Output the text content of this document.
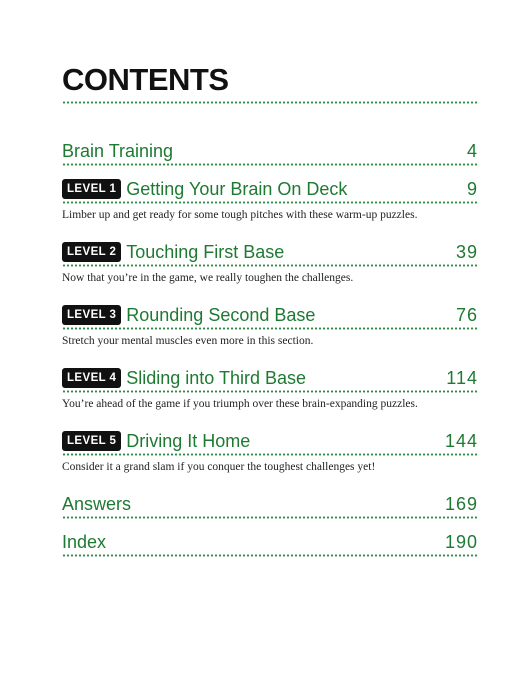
CONTENTS
Brain Training	4
LEVEL 1 Getting Your Brain On Deck	9
Limber up and get ready for some tough pitches with these warm-up puzzles.
LEVEL 2 Touching First Base	39
Now that you’re in the game, we really toughen the challenges.
LEVEL 3 Rounding Second Base	76
Stretch your mental muscles even more in this section.
LEVEL 4 Sliding into Third Base	114
You’re ahead of the game if you triumph over these brain-expanding puzzles.
LEVEL 5 Driving It Home	144
Consider it a grand slam if you conquer the toughest challenges yet!
Answers	169
Index	190
